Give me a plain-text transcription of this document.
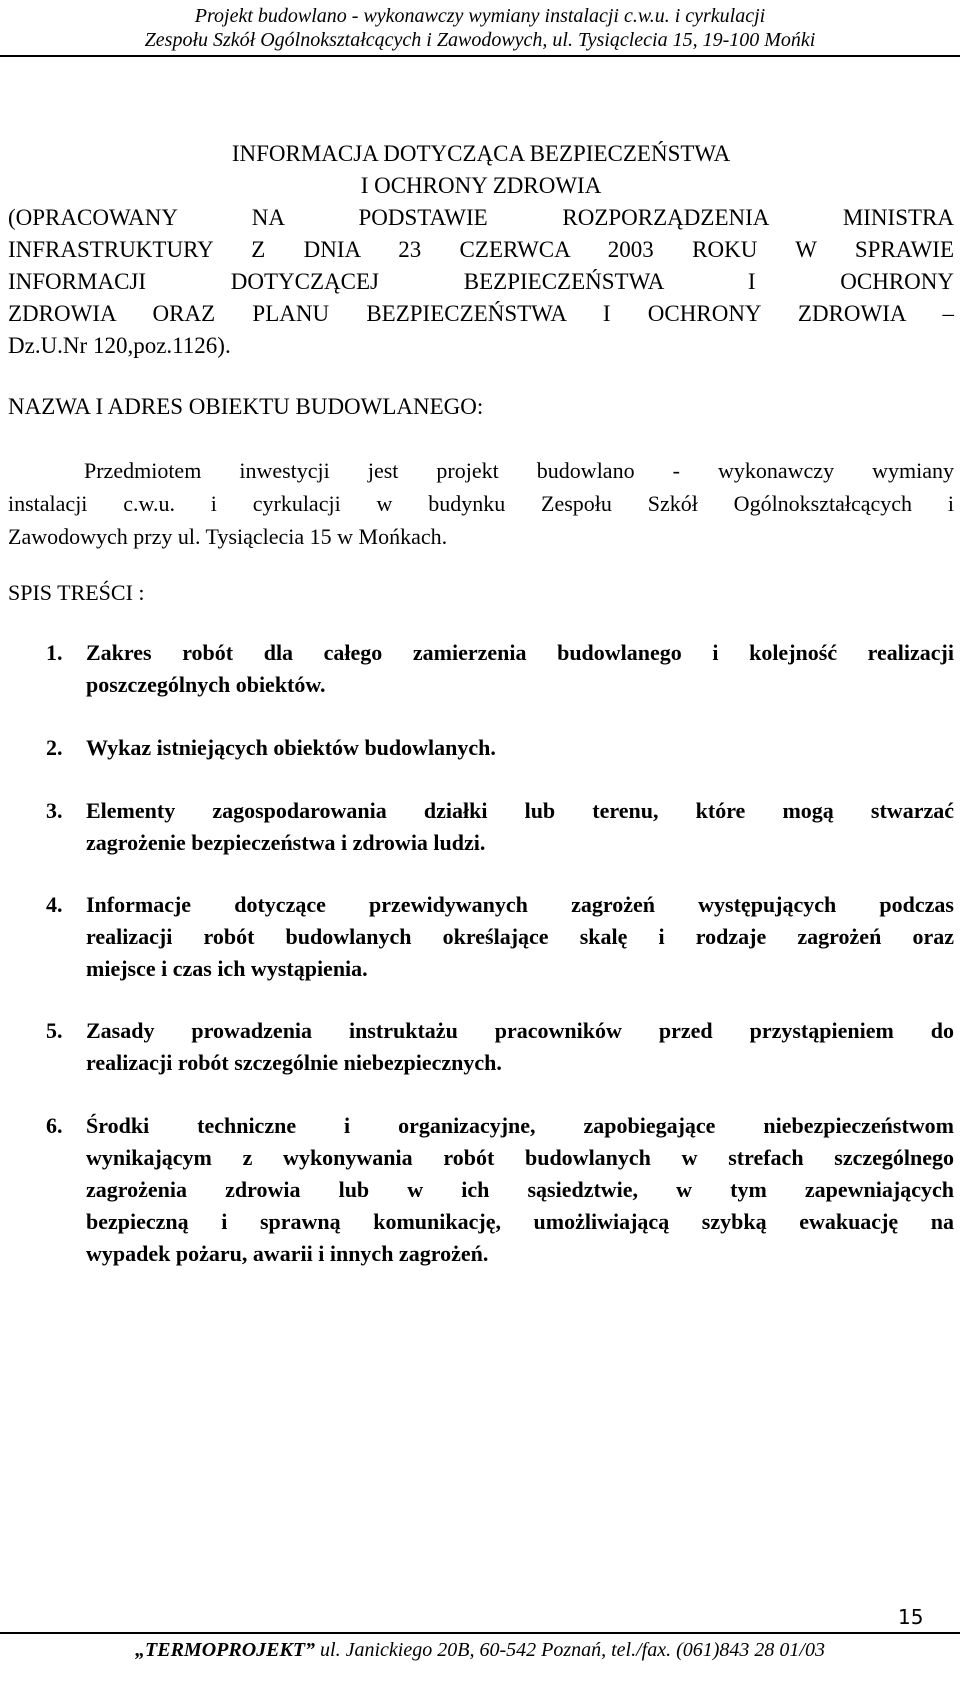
Projekt budowlano - wykonawczy wymiany instalacji c.w.u. i cyrkulacji
Zespołu Szkół Ogólnokształcących i Zawodowych, ul. Tysiąclecia 15, 19-100 Mońki
INFORMACJA DOTYCZĄCA BEZPIECZEŃSTWA
I OCHRONY ZDROWIA
(OPRACOWANY NA PODSTAWIE ROZPORZĄDZENIA MINISTRA
INFRASTRUKTURY Z DNIA 23 CZERWCA 2003 ROKU W SPRAWIE
INFORMACJI DOTYCZĄCEJ BEZPIECZEŃSTWA I OCHRONY
ZDROWIA ORAZ PLANU BEZPIECZEŃSTWA I OCHRONY ZDROWIA –
Dz.U.Nr 120,poz.1126).
NAZWA I ADRES OBIEKTU BUDOWLANEGO:
Przedmiotem inwestycji jest projekt budowlano - wykonawczy wymiany
instalacji c.w.u. i cyrkulacji w budynku Zespołu Szkół Ogólnokształcących i
Zawodowych przy ul. Tysiąclecia 15 w Mońkach.
SPIS TREŚCI :
1. Zakres robót dla całego zamierzenia budowlanego i kolejność realizacji
poszczególnych obiektów.
2. Wykaz istniejących obiektów budowlanych.
3. Elementy zagospodarowania działki lub terenu, które mogą stwarzać
zagrożenie bezpieczeństwa i zdrowia ludzi.
4. Informacje dotyczące przewidywanych zagrożeń występujących podczas
realizacji robót budowlanych określające skalę i rodzaje zagrożeń oraz
miejsce i czas ich wystąpienia.
5. Zasady prowadzenia instruktażu pracowników przed przystąpieniem do
realizacji robót szczególnie niebezpiecznych.
6. Środki techniczne i organizacyjne, zapobiegające niebezpieczeństwom
wynikającym z wykonywania robót budowlanych w strefach szczególnego
zagrożenia zdrowia lub w ich sąsiedztwie, w tym zapewniających
bezpieczną i sprawną komunikację, umożliwiającą szybką ewakuację na
wypadek pożaru, awarii i innych zagrożeń.
15
„TERMOPROJEKT” ul. Janickiego 20B, 60-542 Poznań, tel./fax. (061)843 28 01/03
